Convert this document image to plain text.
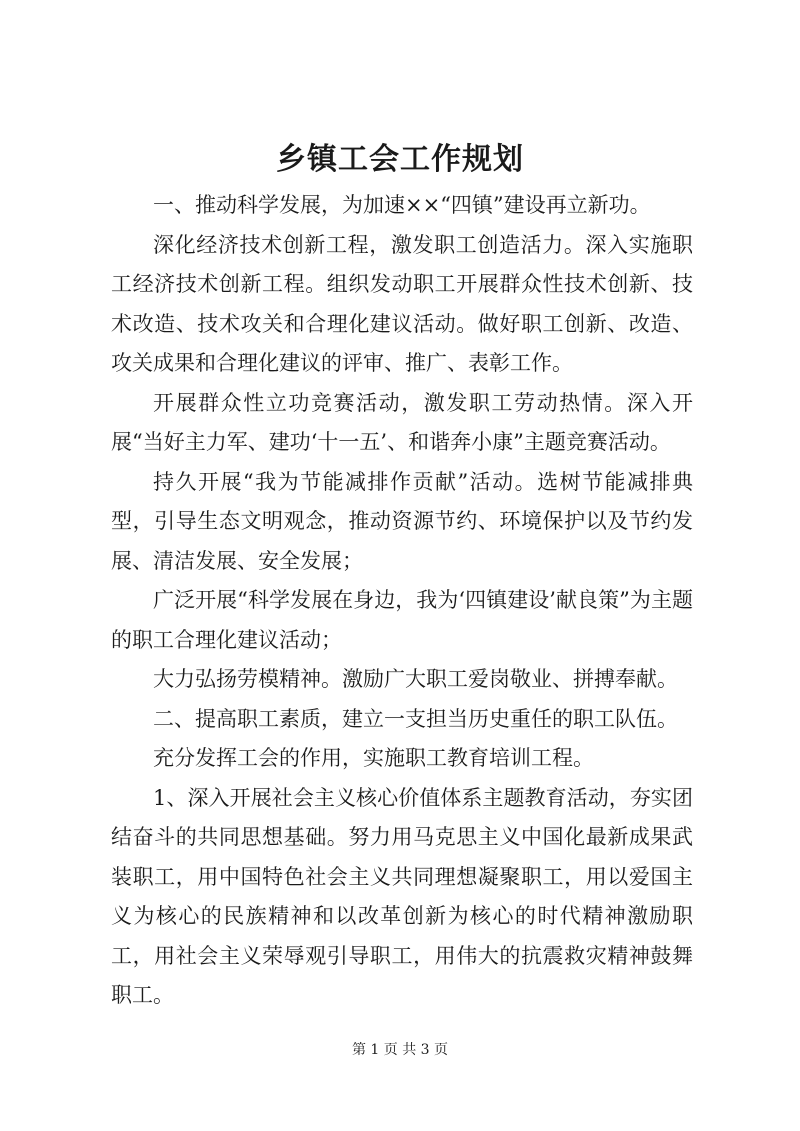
乡镇工会工作规划

一、推动科学发展，为加速××“四镇”建设再立新功。

深化经济技术创新工程，激发职工创造活力。深入实施职工经济技术创新工程。组织发动职工开展群众性技术创新、技术改造、技术攻关和合理化建议活动。做好职工创新、改造、攻关成果和合理化建议的评审、推广、表彰工作。

开展群众性立功竞赛活动，激发职工劳动热情。深入开展“当好主力军、建功‘十一五’、和谐奔小康”主题竞赛活动。

持久开展“我为节能减排作贡献”活动。选树节能减排典型，引导生态文明观念，推动资源节约、环境保护以及节约发展、清洁发展、安全发展；

广泛开展“科学发展在身边，我为‘四镇建设’献良策”为主题的职工合理化建议活动；

大力弘扬劳模精神。激励广大职工爱岗敬业、拼搏奉献。

二、提高职工素质，建立一支担当历史重任的职工队伍。

充分发挥工会的作用，实施职工教育培训工程。

1、深入开展社会主义核心价值体系主题教育活动，夯实团结奋斗的共同思想基础。努力用马克思主义中国化最新成果武装职工，用中国特色社会主义共同理想凝聚职工，用以爱国主义为核心的民族精神和以改革创新为核心的时代精神激励职工，用社会主义荣辱观引导职工，用伟大的抗震救灾精神鼓舞职工。

第 1 页 共 3 页
